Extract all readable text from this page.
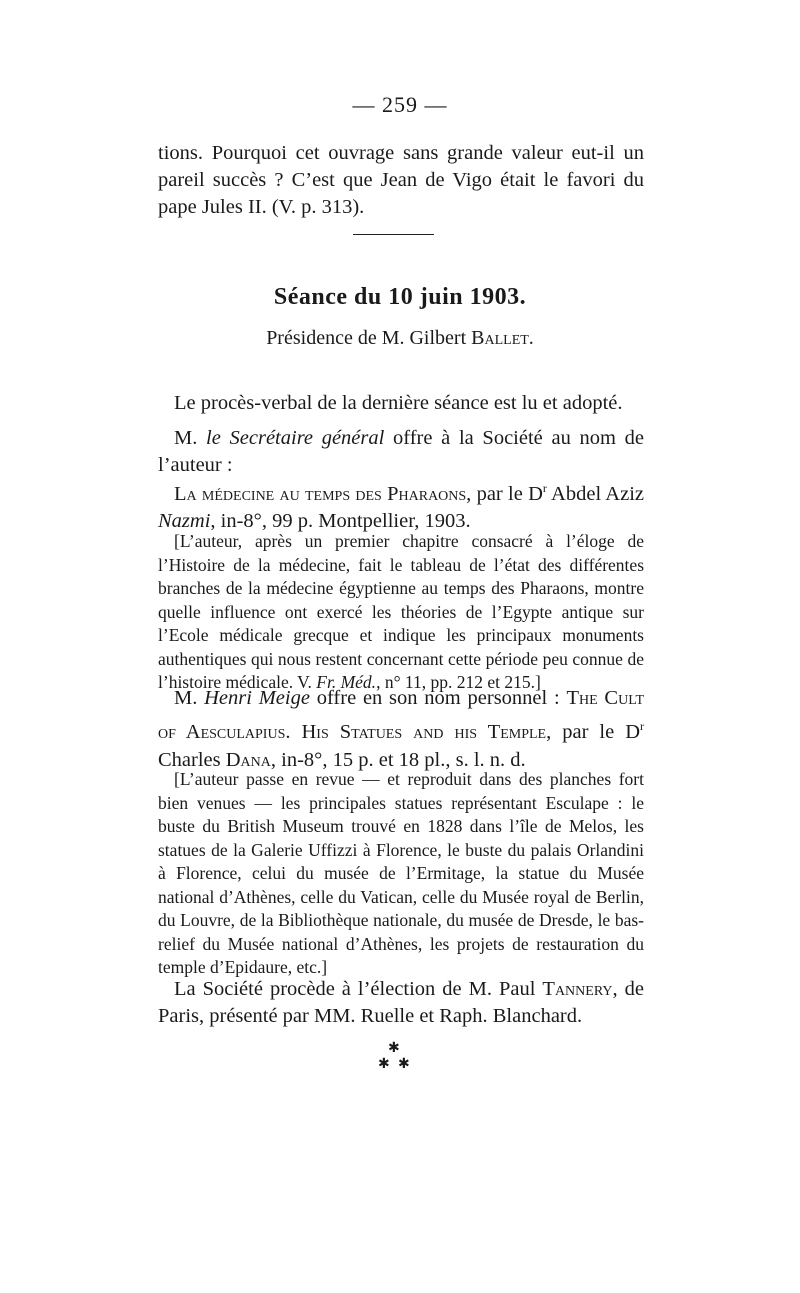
— 259 —

tions. Pourquoi cet ouvrage sans grande valeur eut-il un pareil succès ? C’est que Jean de Vigo était le favori du pape Jules II. (V. p. 313).

Séance du 10 juin 1903.
Présidence de M. Gilbert Ballet.

Le procès-verbal de la dernière séance est lu et adopté.

M. le Secrétaire général offre à la Société au nom de l’auteur :

La médecine au temps des Pharaons, par le $D^r$ Abdel Aziz Nazmi, in-8°, 99 p. Montpellier, 1903.

[L’auteur, après un premier chapitre consacré à l’éloge de l’Histoire de la médecine, fait le tableau de l’état des différentes branches de la médecine égyptienne au temps des Pharaons, montre quelle influence ont exercé les théories de l’Egypte antique sur l’Ecole médicale grecque et indique les principaux monuments authentiques qui nous restent concernant cette période peu connue de l’histoire médicale. V. Fr. Méd., n° 11, pp. 212 et 215.]

M. Henri Meige offre en son nom personnel : The Cult of Aesculapius. His Statues and his Temple, par le $D^r$ Charles Dana, in-8°, 15 p. et 18 pl., s. l. n. d.

[L’auteur passe en revue — et reproduit dans des planches fort bien venues — les principales statues représentant Esculape : le buste du British Museum trouvé en 1828 dans l’île de Melos, les statues de la Galerie Uffizzi à Florence, le buste du palais Orlandini à Florence, celui du musée de l’Ermitage, la statue du Musée national d’Athènes, celle du Vatican, celle du Musée royal de Berlin, du Louvre, de la Bibliothèque nationale, du musée de Dresde, le bas-relief du Musée national d’Athènes, les projets de restauration du temple d’Epidaure, etc.]

La Société procède à l’élection de M. Paul Tannery, de Paris, présenté par MM. Ruelle et Raph. Blanchard.

✱
✱ ✱
